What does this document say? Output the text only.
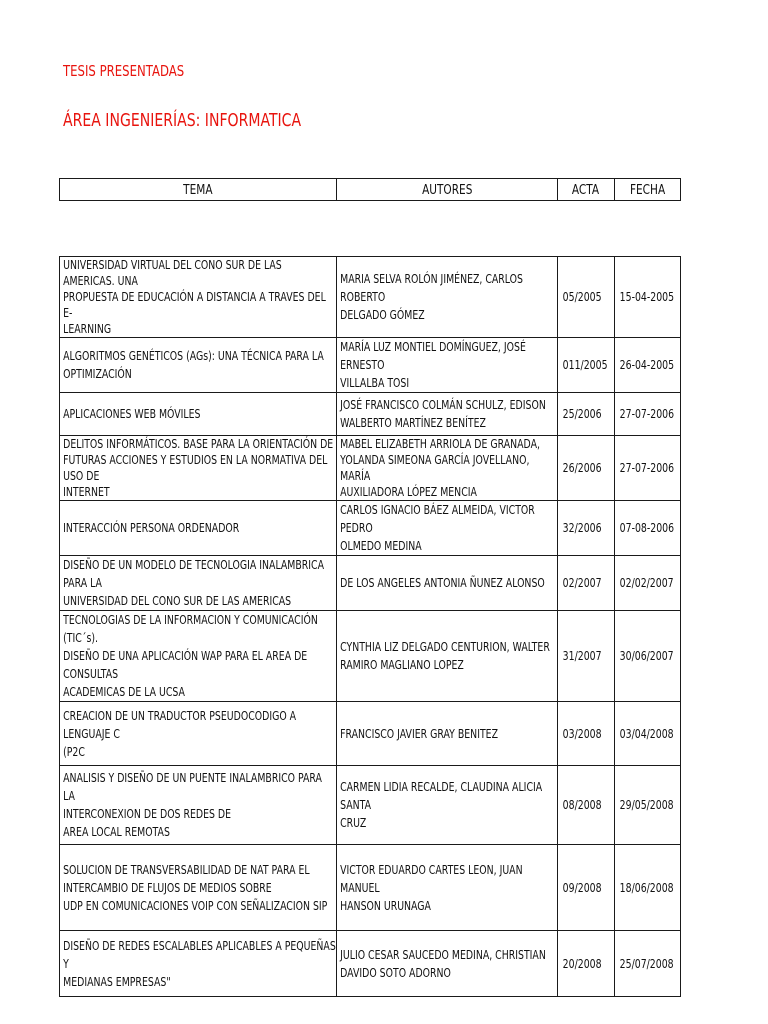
TESIS PRESENTADAS
ÁREA INGENIERÍAS: INFORMATICA
TEMA	AUTORES	ACTA	FECHA
UNIVERSIDAD VIRTUAL DEL CONO SUR DE LAS AMERICAS. UNA
PROPUESTA DE EDUCACIÓN A DISTANCIA A TRAVES DEL E-
LEARNING	MARIA SELVA ROLÓN JIMÉNEZ, CARLOS ROBERTO
DELGADO GÓMEZ	05/2005	15-04-2005

ALGORITMOS GENÉTICOS (AGs): UNA TÉCNICA PARA LA
OPTIMIZACIÓN	MARÍA LUZ MONTIEL DOMÍNGUEZ, JOSÉ ERNESTO
VILLALBA TOSI	011/2005	26-04-2005

APLICACIONES WEB MÓVILES	JOSÉ FRANCISCO COLMÁN SCHULZ, EDISON
WALBERTO MARTÍNEZ BENÍTEZ	25/2006	27-07-2006

DELITOS INFORMÁTICOS. BASE PARA LA ORIENTACIÓN DE
FUTURAS ACCIONES Y ESTUDIOS EN LA NORMATIVA DEL USO DE
INTERNET	MABEL ELIZABETH ARRIOLA DE GRANADA,
YOLANDA SIMEONA GARCÍA JOVELLANO, MARÍA
AUXILIADORA LÓPEZ MENCIA	26/2006	27-07-2006

INTERACCIÓN PERSONA ORDENADOR	CARLOS IGNACIO BÁEZ ALMEIDA, VICTOR PEDRO
OLMEDO MEDINA	32/2006	07-08-2006

DISEÑO DE UN MODELO DE TECNOLOGIA INALAMBRICA PARA LA
UNIVERSIDAD DEL CONO SUR DE LAS AMERICAS	DE LOS ANGELES ANTONIA ÑUNEZ ALONSO	02/2007	02/02/2007

TECNOLOGIAS DE LA INFORMACION Y COMUNICACIÓN (TIC´s).
DISEÑO DE UNA APLICACIÓN WAP PARA EL AREA DE CONSULTAS
ACADEMICAS DE LA UCSA	CYNTHIA LIZ DELGADO CENTURION, WALTER
RAMIRO MAGLIANO LOPEZ	31/2007	30/06/2007

CREACION DE UN TRADUCTOR PSEUDOCODIGO A LENGUAJE C
(P2C	FRANCISCO JAVIER GRAY BENITEZ	03/2008	03/04/2008

ANALISIS Y DISEÑO DE UN PUENTE INALAMBRICO PARA LA
INTERCONEXION DE DOS REDES DE
AREA LOCAL REMOTAS	CARMEN LIDIA RECALDE, CLAUDINA ALICIA SANTA
CRUZ	08/2008	29/05/2008

SOLUCION DE TRANSVERSABILIDAD DE NAT PARA EL
INTERCAMBIO DE FLUJOS DE MEDIOS SOBRE
UDP EN COMUNICACIONES VOIP CON SEÑALIZACION SIP	VICTOR EDUARDO CARTES LEON, JUAN MANUEL
HANSON URUNAGA	09/2008	18/06/2008

DISEÑO DE REDES ESCALABLES APLICABLES A PEQUEÑAS Y
MEDIANAS EMPRESAS"	JULIO CESAR SAUCEDO MEDINA, CHRISTIAN
DAVIDO SOTO ADORNO	20/2008	25/07/2008
